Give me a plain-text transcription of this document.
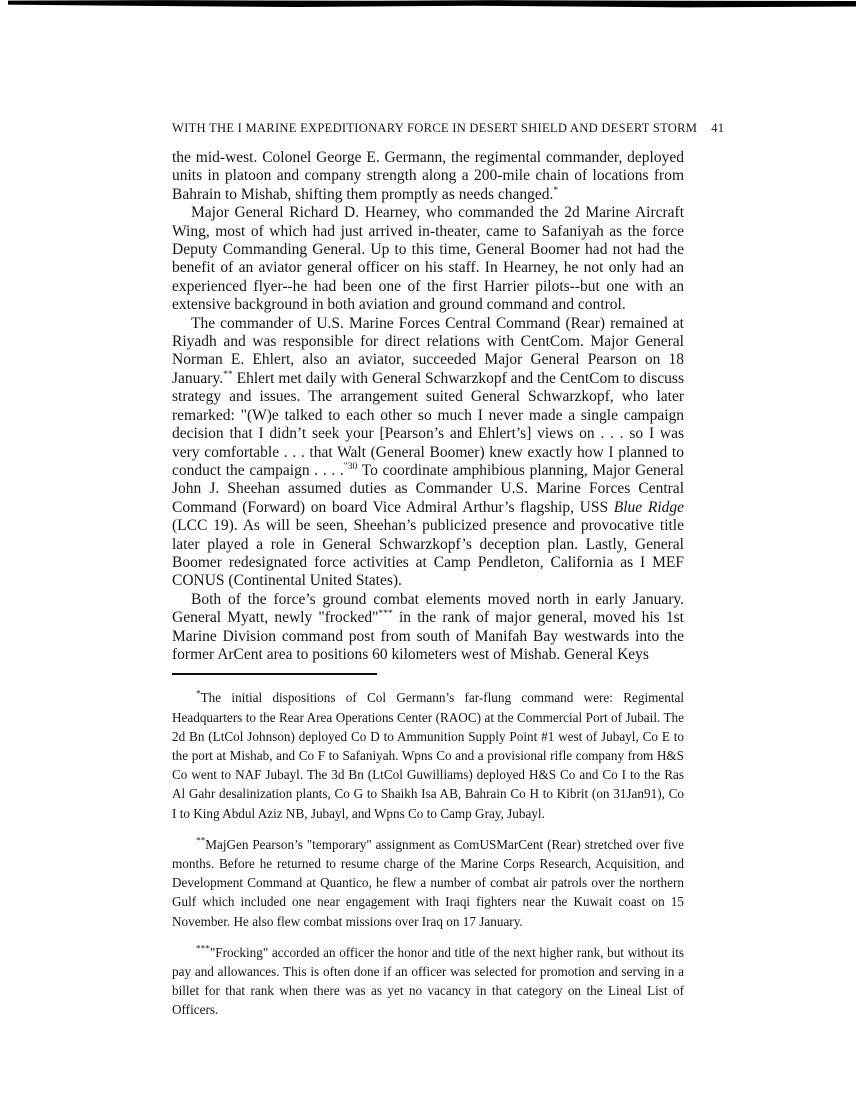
WITH THE I MARINE EXPEDITIONARY FORCE IN DESERT SHIELD AND DESERT STORM 41

the mid-west. Colonel George E. Germann, the regimental commander, deployed units in platoon and company strength along a 200-mile chain of locations from Bahrain to Mishab, shifting them promptly as needs changed.*

Major General Richard D. Hearney, who commanded the 2d Marine Aircraft Wing, most of which had just arrived in-theater, came to Safaniyah as the force Deputy Commanding General. Up to this time, General Boomer had not had the benefit of an aviator general officer on his staff. In Hearney, he not only had an experienced flyer--he had been one of the first Harrier pilots--but one with an extensive background in both aviation and ground command and control.

The commander of U.S. Marine Forces Central Command (Rear) remained at Riyadh and was responsible for direct relations with CentCom. Major General Norman E. Ehlert, also an aviator, succeeded Major General Pearson on 18 January.** Ehlert met daily with General Schwarzkopf and the CentCom to discuss strategy and issues. The arrangement suited General Schwarzkopf, who later remarked: "(W)e talked to each other so much I never made a single campaign decision that I didn’t seek your [Pearson’s and Ehlert’s] views on . . . so I was very comfortable . . . that Walt (General Boomer) knew exactly how I planned to conduct the campaign . . . .$^{"30}$ To coordinate amphibious planning, Major General John J. Sheehan assumed duties as Commander U.S. Marine Forces Central Command (Forward) on board Vice Admiral Arthur’s flagship, USS Blue Ridge (LCC 19). As will be seen, Sheehan’s publicized presence and provocative title later played a role in General Schwarzkopf’s deception plan. Lastly, General Boomer redesignated force activities at Camp Pendleton, California as I MEF CONUS (Continental United States).

Both of the force’s ground combat elements moved north in early January. General Myatt, newly "frocked"*** in the rank of major general, moved his 1st Marine Division command post from south of Manifah Bay westwards into the former ArCent area to positions 60 kilometers west of Mishab. General Keys

*The initial dispositions of Col Germann’s far-flung command were: Regimental Headquarters to the Rear Area Operations Center (RAOC) at the Commercial Port of Jubail. The 2d Bn (LtCol Johnson) deployed Co D to Ammunition Supply Point #1 west of Jubayl, Co E to the port at Mishab, and Co F to Safaniyah. Wpns Co and a provisional rifle company from H&S Co went to NAF Jubayl. The 3d Bn (LtCol Guwilliams) deployed H&S Co and Co I to the Ras Al Gahr desalinization plants, Co G to Shaikh Isa AB, Bahrain Co H to Kibrit (on 31Jan91), Co I to King Abdul Aziz NB, Jubayl, and Wpns Co to Camp Gray, Jubayl.

**MajGen Pearson’s "temporary" assignment as ComUSMarCent (Rear) stretched over five months. Before he returned to resume charge of the Marine Corps Research, Acquisition, and Development Command at Quantico, he flew a number of combat air patrols over the northern Gulf which included one near engagement with Iraqi fighters near the Kuwait coast on 15 November. He also flew combat missions over Iraq on 17 January.

***"Frocking" accorded an officer the honor and title of the next higher rank, but without its pay and allowances. This is often done if an officer was selected for promotion and serving in a billet for that rank when there was as yet no vacancy in that category on the Lineal List of Officers.
